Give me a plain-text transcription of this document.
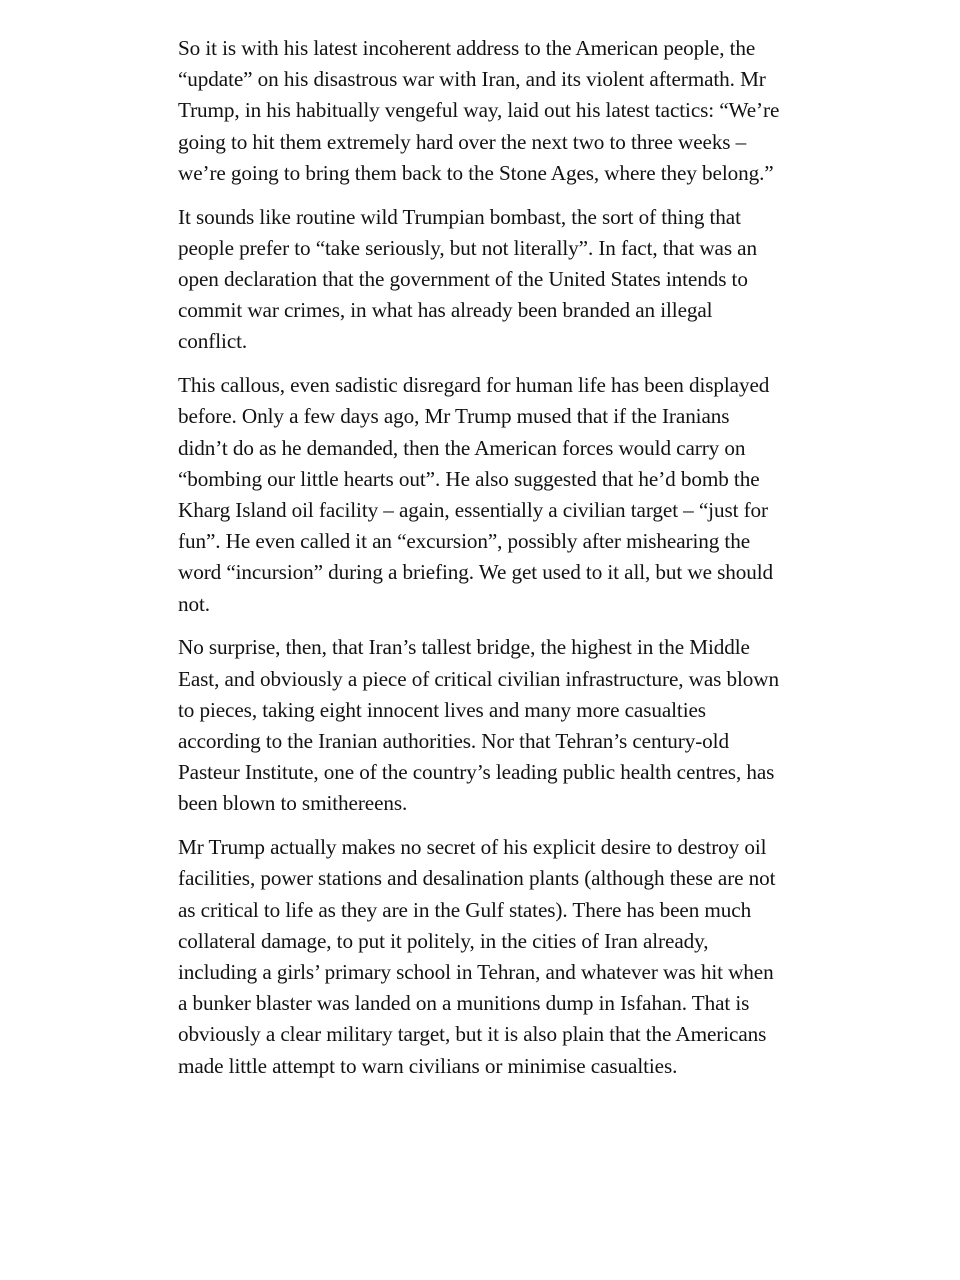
So it is with his latest incoherent address to the American people, the “update” on his disastrous war with Iran, and its violent aftermath. Mr Trump, in his habitually vengeful way, laid out his latest tactics: “We’re going to hit them extremely hard over the next two to three weeks – we’re going to bring them back to the Stone Ages, where they belong.”

It sounds like routine wild Trumpian bombast, the sort of thing that people prefer to “take seriously, but not literally”. In fact, that was an open declaration that the government of the United States intends to commit war crimes, in what has already been branded an illegal conflict.

This callous, even sadistic disregard for human life has been displayed before. Only a few days ago, Mr Trump mused that if the Iranians didn’t do as he demanded, then the American forces would carry on “bombing our little hearts out”. He also suggested that he’d bomb the Kharg Island oil facility – again, essentially a civilian target – “just for fun”. He even called it an “excursion”, possibly after mishearing the word “incursion” during a briefing. We get used to it all, but we should not.

No surprise, then, that Iran’s tallest bridge, the highest in the Middle East, and obviously a piece of critical civilian infrastructure, was blown to pieces, taking eight innocent lives and many more casualties according to the Iranian authorities. Nor that Tehran’s century-old Pasteur Institute, one of the country’s leading public health centres, has been blown to smithereens.

Mr Trump actually makes no secret of his explicit desire to destroy oil facilities, power stations and desalination plants (although these are not as critical to life as they are in the Gulf states). There has been much collateral damage, to put it politely, in the cities of Iran already, including a girls’ primary school in Tehran, and whatever was hit when a bunker blaster was landed on a munitions dump in Isfahan. That is obviously a clear military target, but it is also plain that the Americans made little attempt to warn civilians or minimise casualties.
